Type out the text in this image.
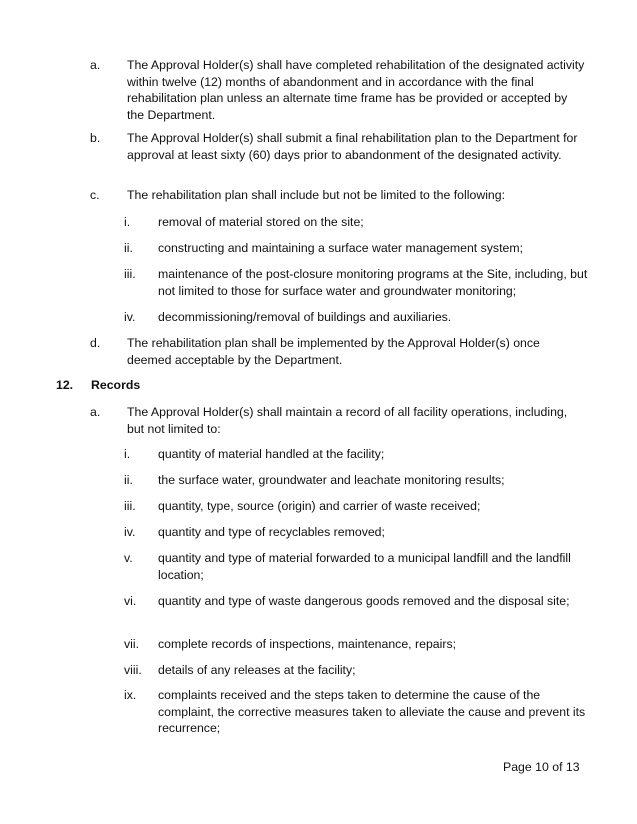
a. The Approval Holder(s) shall have completed rehabilitation of the designated activity within twelve (12) months of abandonment and in accordance with the final rehabilitation plan unless an alternate time frame has be provided or accepted by the Department.
b. The Approval Holder(s) shall submit a final rehabilitation plan to the Department for approval at least sixty (60) days prior to abandonment of the designated activity.
c. The rehabilitation plan shall include but not be limited to the following:
i. removal of material stored on the site;
ii. constructing and maintaining a surface water management system;
iii. maintenance of the post-closure monitoring programs at the Site, including, but not limited to those for surface water and groundwater monitoring;
iv. decommissioning/removal of buildings and auxiliaries.
d. The rehabilitation plan shall be implemented by the Approval Holder(s) once deemed acceptable by the Department.
12. Records
a. The Approval Holder(s) shall maintain a record of all facility operations, including, but not limited to:
i. quantity of material handled at the facility;
ii. the surface water, groundwater and leachate monitoring results;
iii. quantity, type, source (origin) and carrier of waste received;
iv. quantity and type of recyclables removed;
v. quantity and type of material forwarded to a municipal landfill and the landfill location;
vi. quantity and type of waste dangerous goods removed and the disposal site;
vii. complete records of inspections, maintenance, repairs;
viii. details of any releases at the facility;
ix. complaints received and the steps taken to determine the cause of the complaint, the corrective measures taken to alleviate the cause and prevent its recurrence;
Page 10 of 13
